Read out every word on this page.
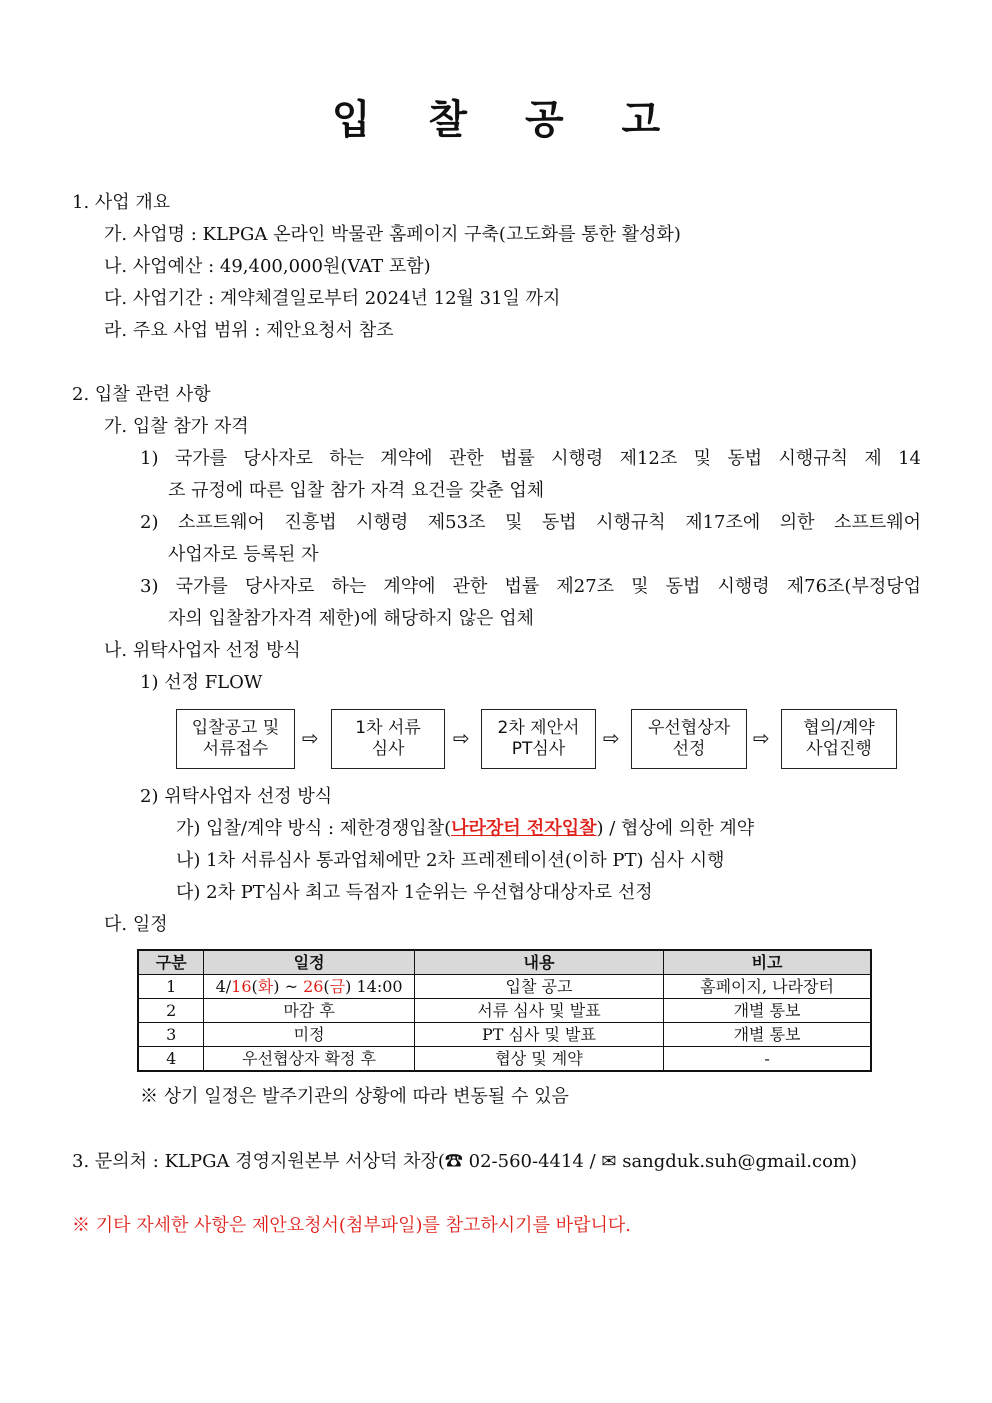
입 찰 공 고
1. 사업 개요
가. 사업명 : KLPGA 온라인 박물관 홈페이지 구축(고도화를 통한 활성화)
나. 사업예산 : 49,400,000원(VAT 포함)
다. 사업기간 : 계약체결일로부터 2024년 12월 31일 까지
라. 주요 사업 범위 : 제안요청서 참조
2. 입찰 관련 사항
가. 입찰 참가 자격
1) 국가를 당사자로 하는 계약에 관한 법률 시행령 제12조 및 동법 시행규칙 제 14
조 규정에 따른 입찰 참가 자격 요건을 갖춘 업체
2) 소프트웨어 진흥법 시행령 제53조 및 동법 시행규칙 제17조에 의한 소프트웨어
사업자로 등록된 자
3) 국가를 당사자로 하는 계약에 관한 법률 제27조 및 동법 시행령 제76조(부정당업
자의 입찰참가자격 제한)에 해당하지 않은 업체
나. 위탁사업자 선정 방식
1) 선정 FLOW
입찰공고 및
서류접수	⇨ 1차 서류
심사	⇨ 2차 제안서
PT심사	⇨ 우선협상자
선정	⇨ 협의/계약
사업진행
2) 위탁사업자 선정 방식
가) 입찰/계약 방식 : 제한경쟁입찰(나라장터 전자입찰) / 협상에 의한 계약
나) 1차 서류심사 통과업체에만 2차 프레젠테이션(이하 PT) 심사 시행
다) 2차 PT심사 최고 득점자 1순위는 우선협상대상자로 선정
다. 일정
구분	일정	내용	비고
1	4/16(화) ~ 26(금) 14:00	입찰 공고	홈페이지, 나라장터
2	마감 후	서류 심사 및 발표	개별 통보
3	미정	PT 심사 및 발표	개별 통보
4	우선협상자 확정 후	협상 및 계약	-
※ 상기 일정은 발주기관의 상황에 따라 변동될 수 있음
3. 문의처 : KLPGA 경영지원본부 서상덕 차장(☎ 02-560-4414 / ✉ sangduk.suh@gmail.com)
※ 기타 자세한 사항은 제안요청서(첨부파일)를 참고하시기를 바랍니다.
